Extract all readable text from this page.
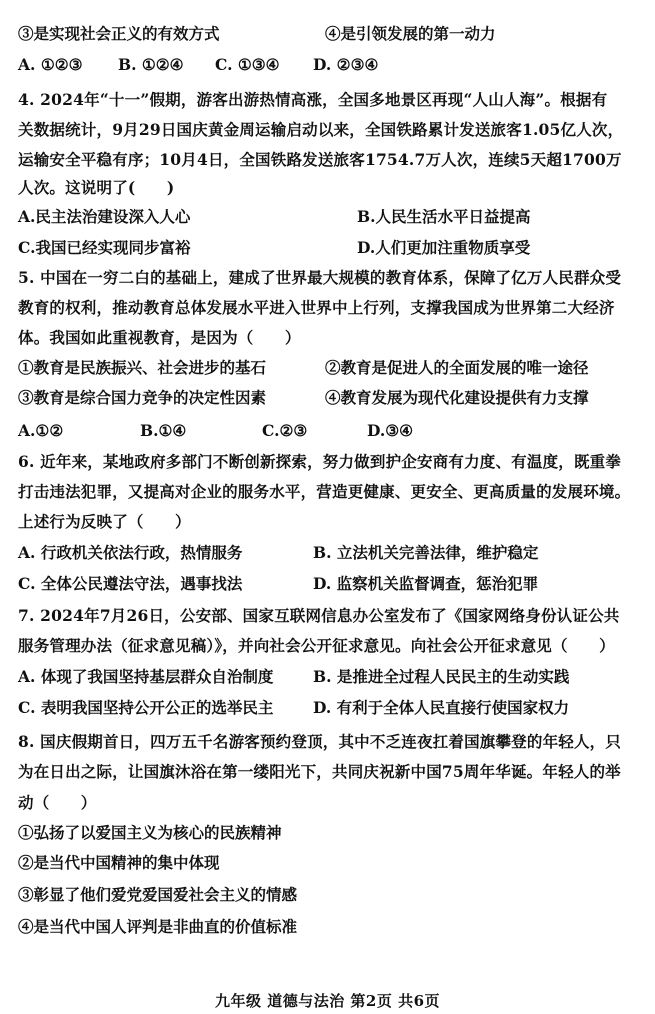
③是实现社会正义的有效方式	④是引领发展的第一动力
A. ①②③ B. ①②④ C. ①③④ D. ②③④
4. 2024年“十一”假期，游客出游热情高涨，全国多地景区再现“人山人海”。根据有
关数据统计，9月29日国庆黄金周运输启动以来，全国铁路累计发送旅客1.05亿人次，
运输安全平稳有序；10月4日，全国铁路发送旅客1754.7万人次，连续5天超1700万
人次。这说明了(　　)
A.民主法治建设深入人心	B.人民生活水平日益提高
C.我国已经实现同步富裕	D.人们更加注重物质享受
5. 中国在一穷二白的基础上，建成了世界最大规模的教育体系，保障了亿万人民群众受
教育的权利，推动教育总体发展水平进入世界中上行列，支撑我国成为世界第二大经济
体。我国如此重视教育，是因为（　　）
①教育是民族振兴、社会进步的基石	②教育是促进人的全面发展的唯一途径
③教育是综合国力竞争的决定性因素	④教育发展为现代化建设提供有力支撑
A.①②	B.①④	C.②③	D.③④
6. 近年来，某地政府多部门不断创新探索，努力做到护企安商有力度、有温度，既重拳
打击违法犯罪，又提高对企业的服务水平，营造更健康、更安全、更高质量的发展环境。
上述行为反映了（　　）
A. 行政机关依法行政，热情服务	B. 立法机关完善法律，维护稳定
C. 全体公民遵法守法，遇事找法	D. 监察机关监督调查，惩治犯罪
7. 2024年7月26日，公安部、国家互联网信息办公室发布了《国家网络身份认证公共
服务管理办法（征求意见稿）》，并向社会公开征求意见。向社会公开征求意见（　　）
A. 体现了我国坚持基层群众自治制度	B. 是推进全过程人民民主的生动实践
C. 表明我国坚持公开公正的选举民主	D. 有利于全体人民直接行使国家权力
8. 国庆假期首日，四万五千名游客预约登顶，其中不乏连夜扛着国旗攀登的年轻人，只
为在日出之际，让国旗沐浴在第一缕阳光下，共同庆祝新中国75周年华诞。年轻人的举
动（　　）
①弘扬了以爱国主义为核心的民族精神
②是当代中国精神的集中体现
③彰显了他们爱党爱国爱社会主义的情感
④是当代中国人评判是非曲直的价值标准
九年级 道德与法治 第2页 共6页
